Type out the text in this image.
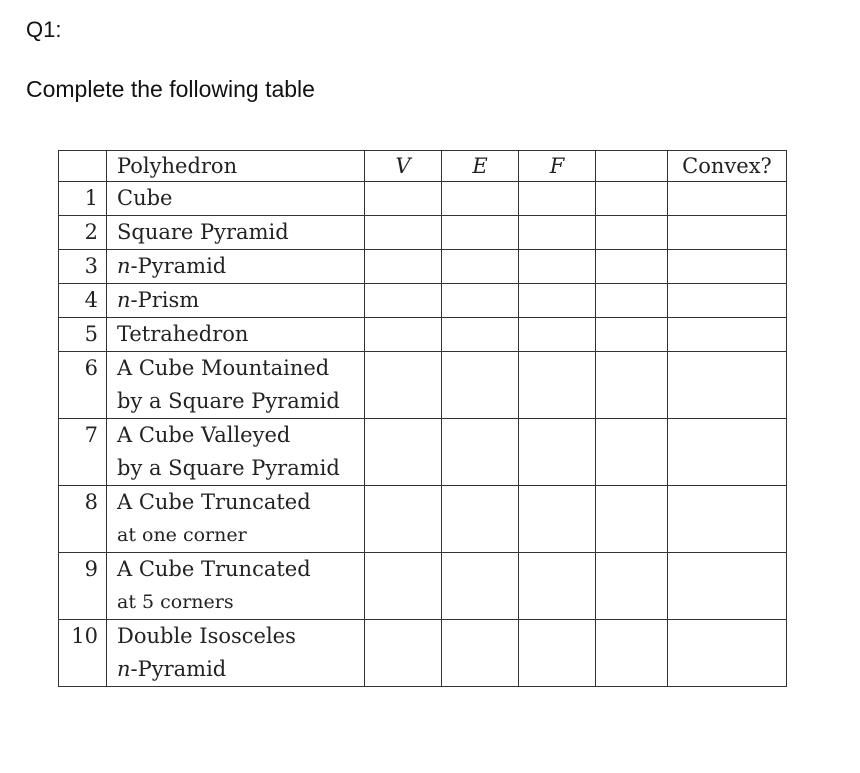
Q1:
Complete the following table
	Polyhedron	V	E	F		Convex?
1	Cube					

2	Square Pyramid					

3	n-Pyramid					

4	n-Prism					

5	Tetrahedron					

6	A Cube Mountained
by a Square Pyramid					

7	A Cube Valleyed
by a Square Pyramid					

8	A Cube Truncated
at one corner					

9	A Cube Truncated
at 5 corners					

10	Double Isosceles
n-Pyramid					
